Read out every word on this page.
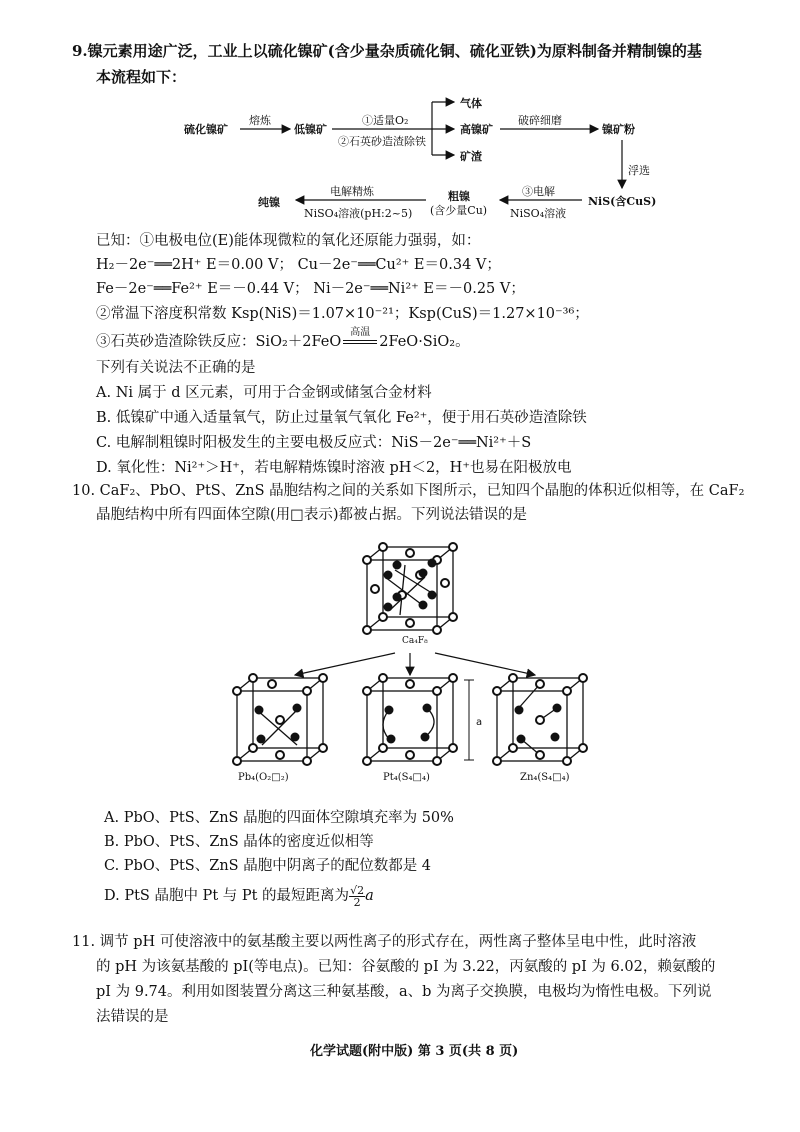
9.镍元素用途广泛，工业上以硫化镍矿(含少量杂质硫化铜、硫化亚铁)为原料制备并精制镍的基
本流程如下：
硫化镍矿
熔炼
低镍矿
①适量O₂
②石英砂造渣除铁
气体
高镍矿
矿渣
破碎细磨
镍矿粉
浮选
NiS(含CuS)
③电解
NiSO₄溶液
粗镍
(含少量Cu)
电解精炼
NiSO₄溶液(pH:2~5)
纯镍
已知：①电极电位(E)能体现微粒的氧化还原能力强弱，如：
H₂－2e⁻══2H⁺ E＝0.00 V； Cu－2e⁻══Cu²⁺ E＝0.34 V；
Fe－2e⁻══Fe²⁺ E＝－0.44 V； Ni－2e⁻══Ni²⁺ E＝－0.25 V；
②常温下溶度积常数 Ksp(NiS)＝1.07×10⁻²¹；Ksp(CuS)＝1.27×10⁻³⁶；
③石英砂造渣除铁反应：SiO₂＋2FeO
高温
2FeO·SiO₂。
下列有关说法不正确的是
A. Ni 属于 d 区元素，可用于合金钢或储氢合金材料
B. 低镍矿中通入适量氧气，防止过量氧气氧化 Fe²⁺，便于用石英砂造渣除铁
C. 电解制粗镍时阳极发生的主要电极反应式：NiS－2e⁻══Ni²⁺＋S
D. 氧化性：Ni²⁺＞H⁺，若电解精炼镍时溶液 pH＜2，H⁺也易在阳极放电
10. CaF₂、PbO、PtS、ZnS 晶胞结构之间的关系如下图所示，已知四个晶胞的体积近似相等，在 CaF₂
晶胞结构中所有四面体空隙(用□表示)都被占据。下列说法错误的是
a
Ca₄F₈
Pb₄(O₂□₂)	Pt₄(S₄□₄)	Zn₄(S₄□₄)
A. PbO、PtS、ZnS 晶胞的四面体空隙填充率为 50%
B. PbO、PtS、ZnS 晶体的密度近似相等
C. PbO、PtS、ZnS 晶胞中阴离子的配位数都是 4
D. PtS 晶胞中 Pt 与 Pt 的最短距离为 $\frac{√2}{2}$ a
11. 调节 pH 可使溶液中的氨基酸主要以两性离子的形式存在，两性离子整体呈电中性，此时溶液
的 pH 为该氨基酸的 pI(等电点)。已知：谷氨酸的 pI 为 3.22，丙氨酸的 pI 为 6.02，赖氨酸的
pI 为 9.74。利用如图装置分离这三种氨基酸，a、b 为离子交换膜，电极均为惰性电极。下列说
法错误的是
化学试题(附中版) 第 3 页(共 8 页)
